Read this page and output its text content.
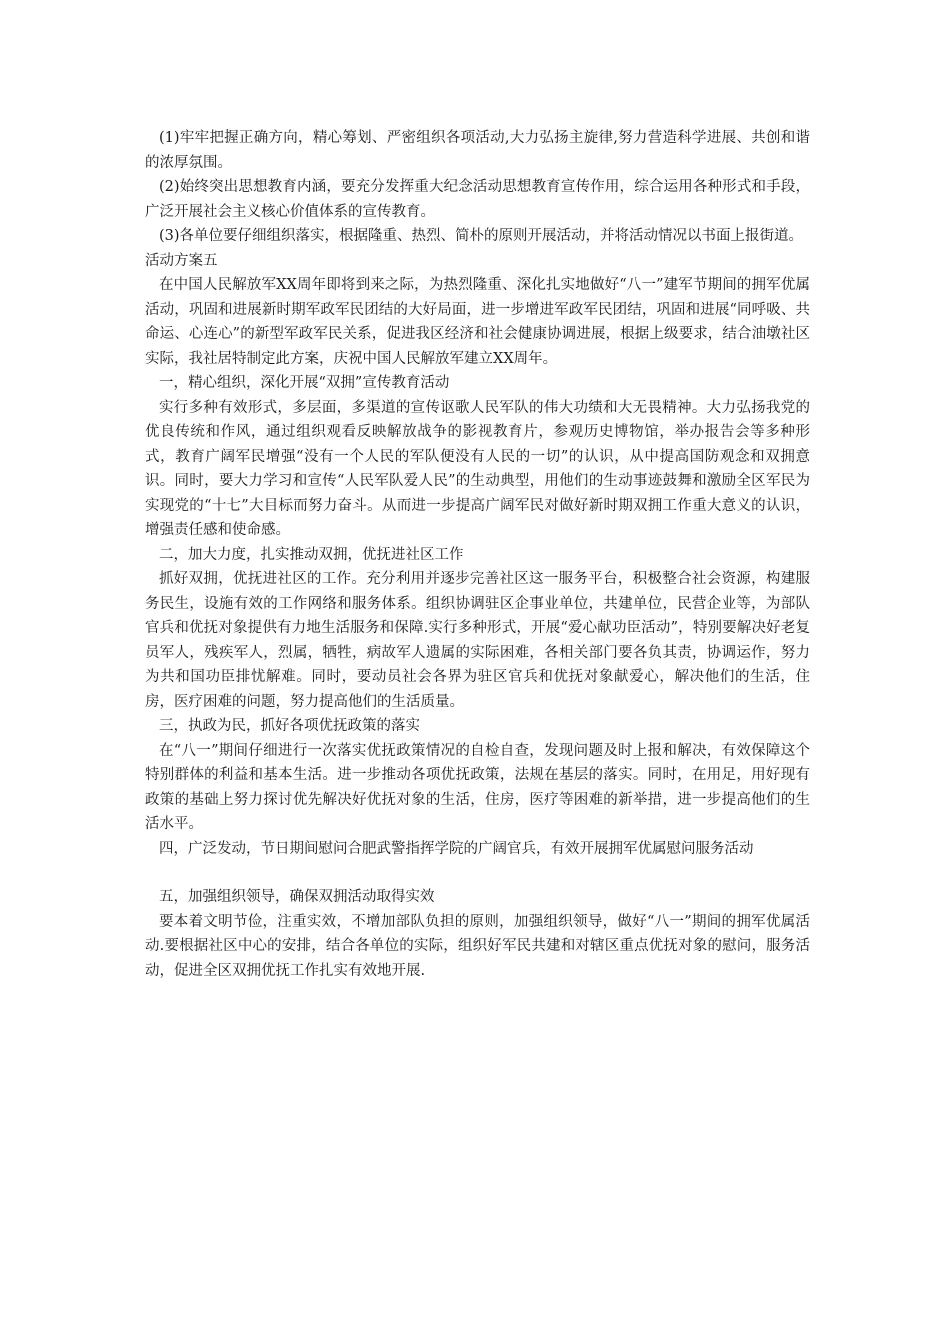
(1)牢牢把握正确方向，精心筹划、严密组织各项活动,大力弘扬主旋律,努力营造科学进展、共创和谐的浓厚氛围。

(2)始终突出思想教育内涵，要充分发挥重大纪念活动思想教育宣传作用，综合运用各种形式和手段，广泛开展社会主义核心价值体系的宣传教育。

(3)各单位要仔细组织落实，根据隆重、热烈、简朴的原则开展活动，并将活动情况以书面上报街道。

活动方案五

在中国人民解放军XX周年即将到来之际，为热烈隆重、深化扎实地做好“八一”建军节期间的拥军优属活动，巩固和进展新时期军政军民团结的大好局面，进一步增进军政军民团结，巩固和进展“同呼吸、共命运、心连心”的新型军政军民关系，促进我区经济和社会健康协调进展，根据上级要求，结合油墩社区实际，我社居特制定此方案，庆祝中国人民解放军建立XX周年。

一，精心组织，深化开展“双拥”宣传教育活动

实行多种有效形式，多层面，多渠道的宣传讴歌人民军队的伟大功绩和大无畏精神。大力弘扬我党的优良传统和作风，通过组织观看反映解放战争的影视教育片，参观历史博物馆，举办报告会等多种形式，教育广阔军民增强“没有一个人民的军队便没有人民的一切”的认识，从中提高国防观念和双拥意识。同时，要大力学习和宣传“人民军队爱人民”的生动典型，用他们的生动事迹鼓舞和激励全区军民为实现党的“十七”大目标而努力奋斗。从而进一步提高广阔军民对做好新时期双拥工作重大意义的认识，增强责任感和使命感。

二，加大力度，扎实推动双拥，优抚进社区工作

抓好双拥，优抚进社区的工作。充分利用并逐步完善社区这一服务平台，积极整合社会资源，构建服务民生，设施有效的工作网络和服务体系。组织协调驻区企事业单位，共建单位，民营企业等，为部队官兵和优抚对象提供有力地生活服务和保障.实行多种形式，开展“爱心献功臣活动”，特别要解决好老复员军人，残疾军人，烈属，牺牲，病故军人遗属的实际困难，各相关部门要各负其责，协调运作，努力为共和国功臣排忧解难。同时，要动员社会各界为驻区官兵和优抚对象献爱心，解决他们的生活，住房，医疗困难的问题，努力提高他们的生活质量。

三，执政为民，抓好各项优抚政策的落实

在“八一”期间仔细进行一次落实优抚政策情况的自检自查，发现问题及时上报和解决，有效保障这个特别群体的利益和基本生活。进一步推动各项优抚政策，法规在基层的落实。同时，在用足，用好现有政策的基础上努力探讨优先解决好优抚对象的生活，住房，医疗等困难的新举措，进一步提高他们的生活水平。

四，广泛发动，节日期间慰问合肥武警指挥学院的广阔官兵，有效开展拥军优属慰问服务活动

五，加强组织领导，确保双拥活动取得实效

要本着文明节俭，注重实效，不增加部队负担的原则，加强组织领导，做好“八一”期间的拥军优属活动.要根据社区中心的安排，结合各单位的实际，组织好军民共建和对辖区重点优抚对象的慰问，服务活动，促进全区双拥优抚工作扎实有效地开展.
